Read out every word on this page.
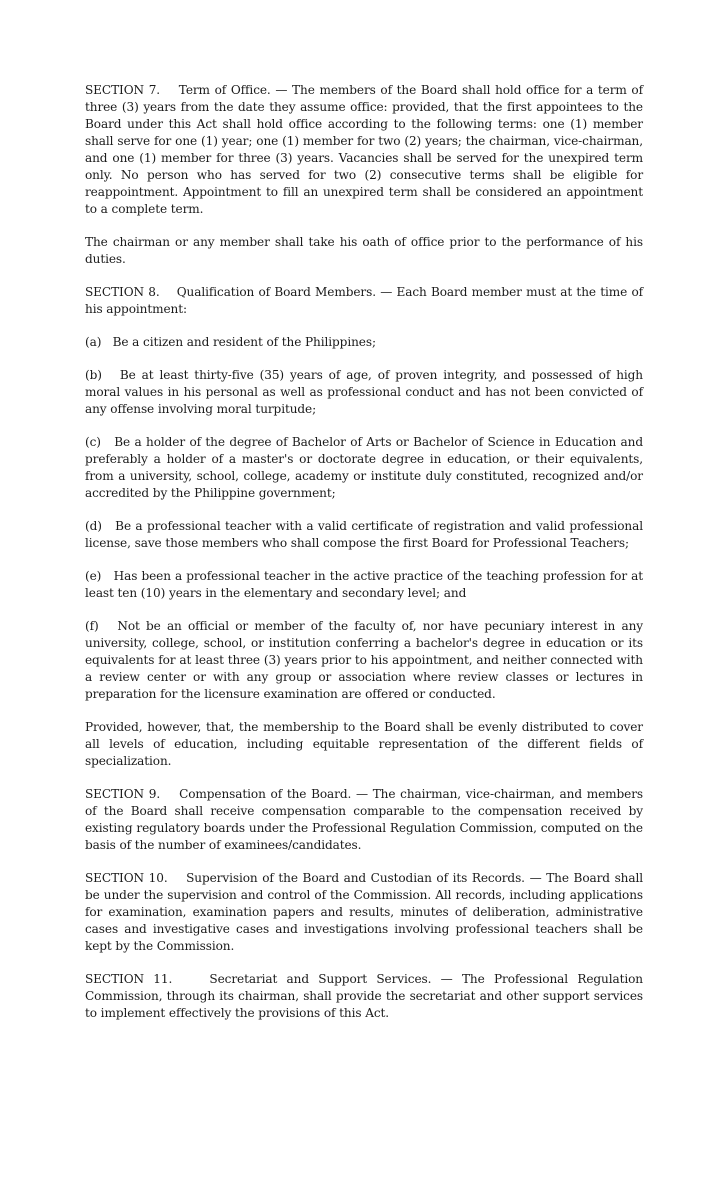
SECTION 7. Term of Office. — The members of the Board shall hold office for a term of three (3) years from the date they assume office: provided, that the first appointees to the Board under this Act shall hold office according to the following terms: one (1) member shall serve for one (1) year; one (1) member for two (2) years; the chairman, vice-chairman, and one (1) member for three (3) years. Vacancies shall be served for the unexpired term only. No person who has served for two (2) consecutive terms shall be eligible for reappointment. Appointment to fill an unexpired term shall be considered an appointment to a complete term.

The chairman or any member shall take his oath of office prior to the performance of his duties.

SECTION 8. Qualification of Board Members. — Each Board member must at the time of his appointment:

(a) Be a citizen and resident of the Philippines;

(b) Be at least thirty-five (35) years of age, of proven integrity, and possessed of high moral values in his personal as well as professional conduct and has not been convicted of any offense involving moral turpitude;

(c) Be a holder of the degree of Bachelor of Arts or Bachelor of Science in Education and preferably a holder of a master's or doctorate degree in education, or their equivalents, from a university, school, college, academy or institute duly constituted, recognized and/or accredited by the Philippine government;

(d) Be a professional teacher with a valid certificate of registration and valid professional license, save those members who shall compose the first Board for Professional Teachers;

(e) Has been a professional teacher in the active practice of the teaching profession for at least ten (10) years in the elementary and secondary level; and

(f) Not be an official or member of the faculty of, nor have pecuniary interest in any university, college, school, or institution conferring a bachelor's degree in education or its equivalents for at least three (3) years prior to his appointment, and neither connected with a review center or with any group or association where review classes or lectures in preparation for the licensure examination are offered or conducted.

Provided, however, that, the membership to the Board shall be evenly distributed to cover all levels of education, including equitable representation of the different fields of specialization.

SECTION 9. Compensation of the Board. — The chairman, vice-chairman, and members of the Board shall receive compensation comparable to the compensation received by existing regulatory boards under the Professional Regulation Commission, computed on the basis of the number of examinees/candidates.

SECTION 10. Supervision of the Board and Custodian of its Records. — The Board shall be under the supervision and control of the Commission. All records, including applications for examination, examination papers and results, minutes of deliberation, administrative cases and investigative cases and investigations involving professional teachers shall be kept by the Commission.

SECTION 11.	Secretariat and Support Services. —	The Professional Regulation Commission, through its chairman, shall provide the secretariat and other support services to implement effectively the provisions of this Act.
